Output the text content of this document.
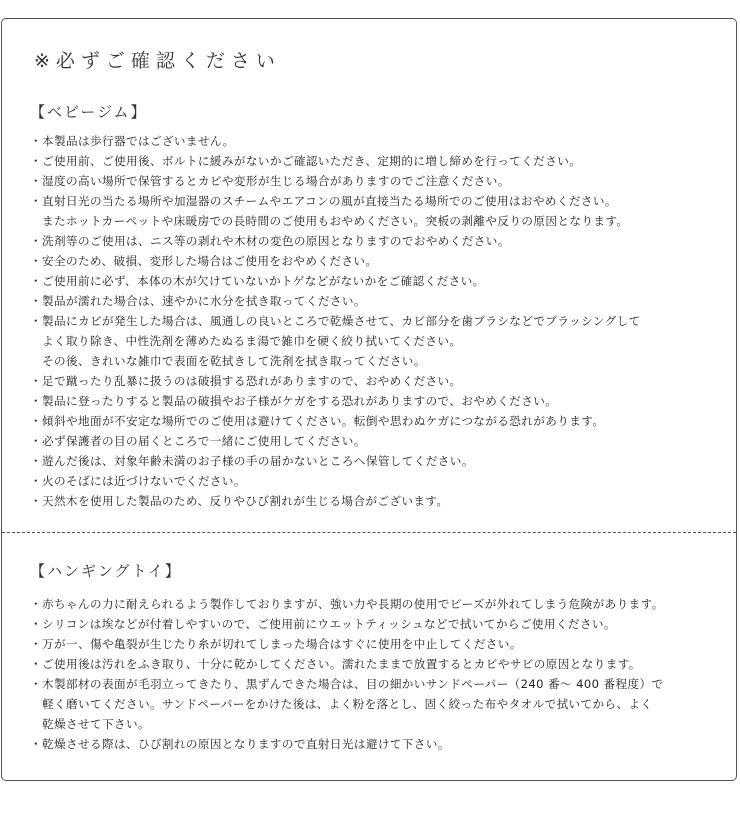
※必ずご確認ください
【ベビージム】
・本製品は歩行器ではございません。
・ご使用前、ご使用後、ボルトに緩みがないかご確認いただき、定期的に増し締めを行ってください。
・湿度の高い場所で保管するとカビや変形が生じる場合がありますのでご注意ください。
・直射日光の当たる場所や加湿器のスチームやエアコンの風が直接当たる場所でのご使用はおやめください。
　またホットカーペットや床暖房での長時間のご使用もおやめください。突板の剥離や反りの原因となります。
・洗剤等のご使用は、ニス等の剥れや木材の変色の原因となりますのでおやめください。
・安全のため、破損、変形した場合はご使用をおやめください。
・ご使用前に必ず、本体の木が欠けていないかトゲなどがないかをご確認ください。
・製品が濡れた場合は、速やかに水分を拭き取ってください。
・製品にカビが発生した場合は、風通しの良いところで乾燥させて、カビ部分を歯ブラシなどでブラッシングして
　よく取り除き、中性洗剤を薄めたぬるま湯で雑巾を硬く絞り拭いてください。
　その後、きれいな雑巾で表面を乾拭きして洗剤を拭き取ってください。
・足で蹴ったり乱暴に扱うのは破損する恐れがありますので、おやめください。
・製品に登ったりすると製品の破損やお子様がケガをする恐れがありますので、おやめください。
・傾斜や地面が不安定な場所でのご使用は避けてください。転倒や思わぬケガにつながる恐れがあります。
・必ず保護者の目の届くところで一緒にご使用してください。
・遊んだ後は、対象年齢未満のお子様の手の届かないところへ保管してください。
・火のそばには近づけないでください。
・天然木を使用した製品のため、反りやひび割れが生じる場合がございます。
【ハンギングトイ】
・赤ちゃんの力に耐えられるよう製作しておりますが、強い力や長期の使用でビーズが外れてしまう危険があります。
・シリコンは埃などが付着しやすいので、ご使用前にウエットティッシュなどで拭いてからご使用ください。
・万が一、傷や亀裂が生じたり糸が切れてしまった場合はすぐに使用を中止してください。
・ご使用後は汚れをふき取り、十分に乾かしてください。濡れたままで放置するとカビやサビの原因となります。
・木製部材の表面が毛羽立ってきたり、黒ずんできた場合は、目の細かいサンドペーパー（240 番～ 400 番程度）で
　軽く磨いてください。サンドペーパーをかけた後は、よく粉を落とし、固く絞った布やタオルで拭いてから、よく
　乾燥させて下さい。
・乾燥させる際は、ひび割れの原因となりますので直射日光は避けて下さい。
